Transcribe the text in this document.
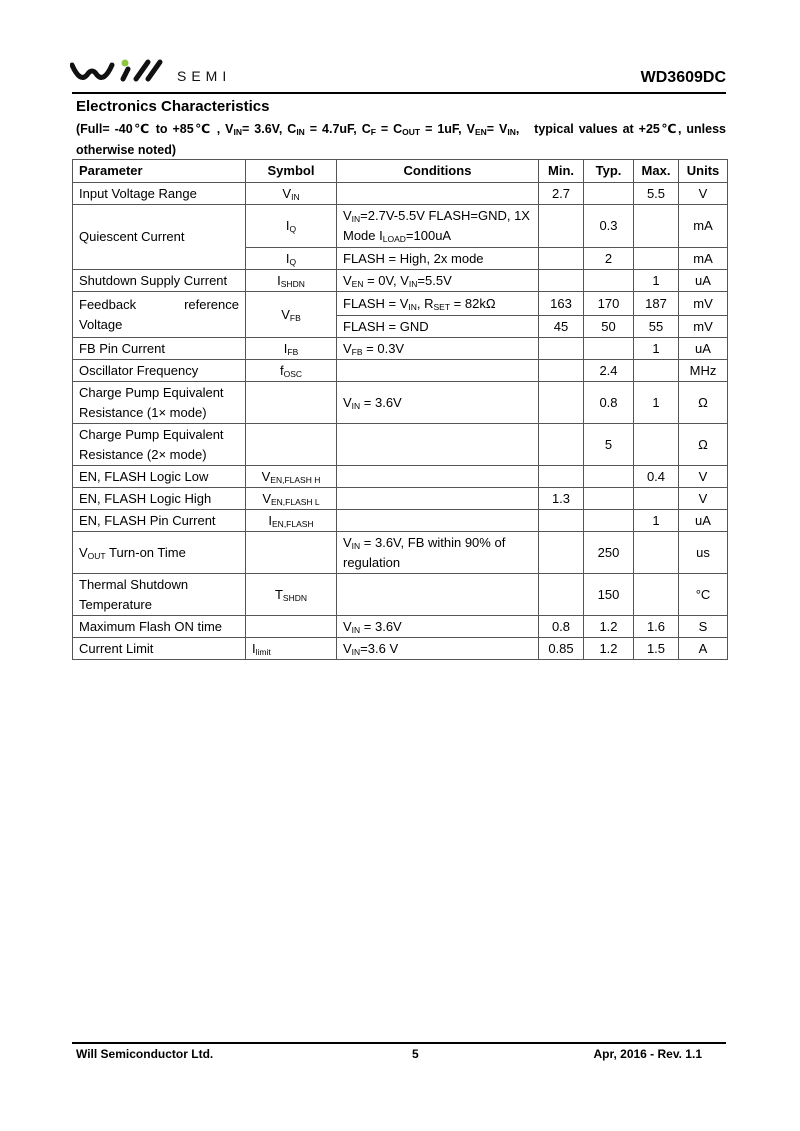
SEMI	WD3609DC
Electronics Characteristics
(Full= -40℃ to +85℃ , $V_{IN}= 3.6V$, $C_{IN} = 4.7uF$, $C_F = C_{OUT} = 1uF$, $V_{EN}= V_{IN}$,   typical values at +25℃, unless otherwise noted)
Parameter	Symbol	Conditions	Min.	Typ.	Max.	Units
Input Voltage Range	$V_{IN}$		2.7		5.5	V
Quiescent Current	$I_Q$	$V_{IN}=2.7V-5.5V$ FLASH=GND, 1X Mode $I_{LOAD}=100uA$		0.3		mA
	$I_Q$	FLASH = High, 2x mode		2		mA
Shutdown Supply Current	$I_{SHDN}$	$V_{EN} = 0V$, $V_{IN}=5.5V$			1	uA
Feedback reference Voltage	$V_{FB}$	FLASH = $V_{IN}$, $R_{SET} = 82k\Omega$	163	170	187	mV
		FLASH = GND	45	50	55	mV
FB Pin Current	$I_{FB}$	$V_{FB} = 0.3V$			1	uA
Oscillator Frequency	$f_{OSC}$			2.4		MHz
Charge Pump Equivalent Resistance (1× mode)		$V_{IN} = 3.6V$		0.8	1	Ω
Charge Pump Equivalent Resistance (2× mode)				5		Ω
EN, FLASH Logic Low	$V_{EN,FLASH H}$				0.4	V
EN, FLASH Logic High	$V_{EN,FLASH L}$		1.3			V
EN, FLASH Pin Current	$I_{EN,FLASH}$				1	uA
$V_{OUT}$ Turn-on Time		$V_{IN} = 3.6V$, FB within 90% of regulation		250		us
Thermal Shutdown Temperature	$T_{SHDN}$			150		°C
Maximum Flash ON time		$V_{IN} = 3.6V$	0.8	1.2	1.6	S
Current Limit	$I_{limit}$	$V_{IN}=3.6$ V	0.85	1.2	1.5	A
Will Semiconductor Ltd.	5	Apr, 2016 - Rev. 1.1
